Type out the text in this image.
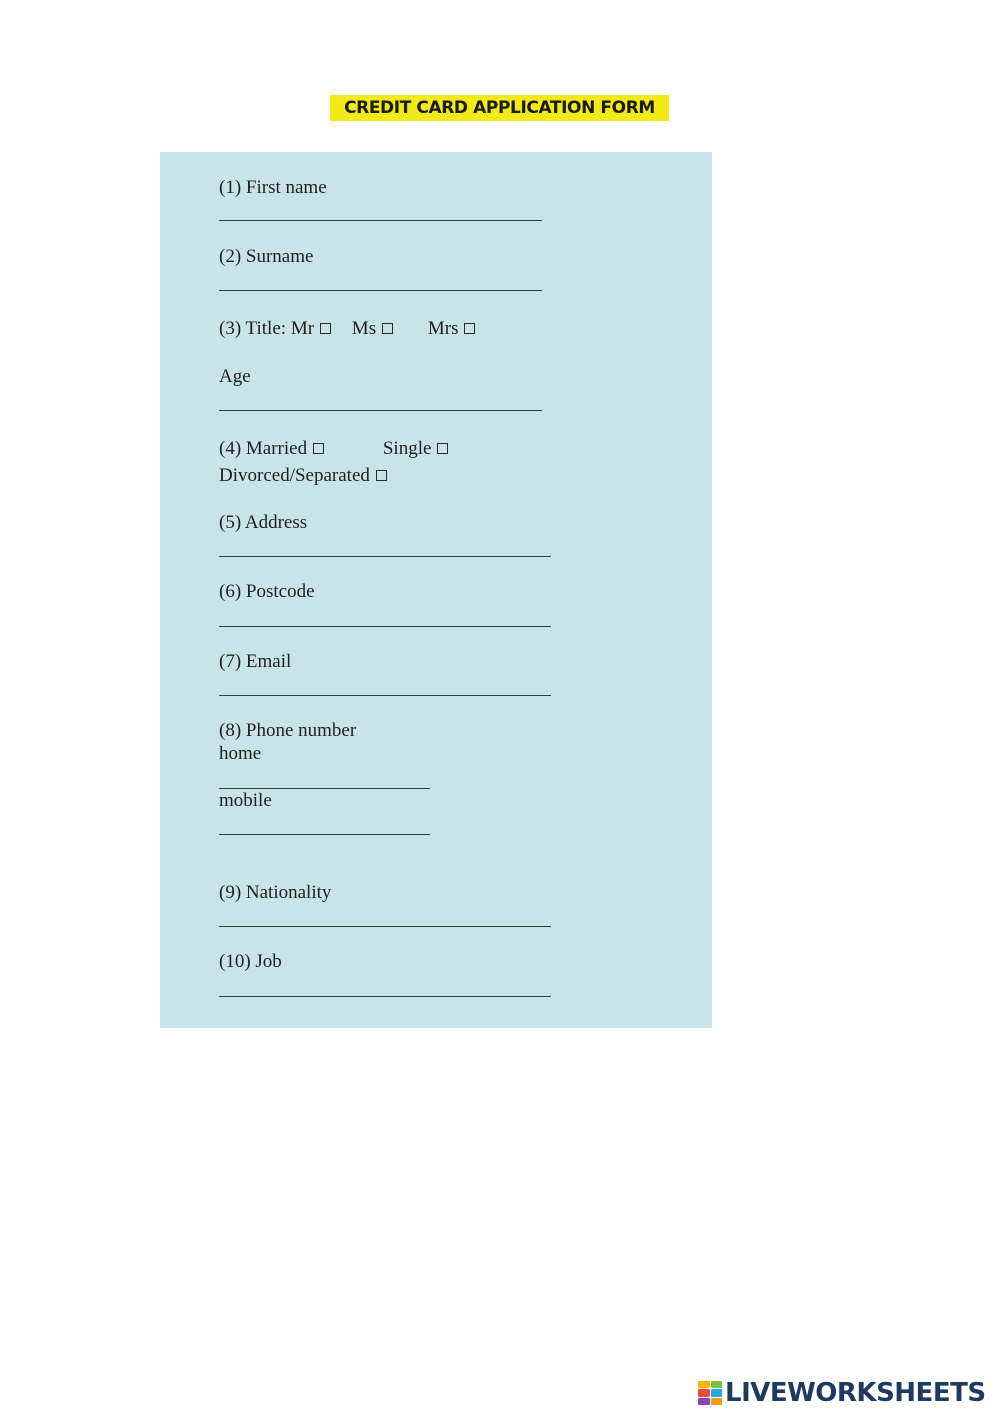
CREDIT CARD APPLICATION FORM
(1) First name
(2) Surname
(3) Title: Mr Ms	Mrs
Age
(4) Married	Single
Divorced/Separated
(5) Address
(6) Postcode
(7) Email
(8) Phone number
home
mobile
(9) Nationality
(10) Job
LIVEWORKSHEETS
